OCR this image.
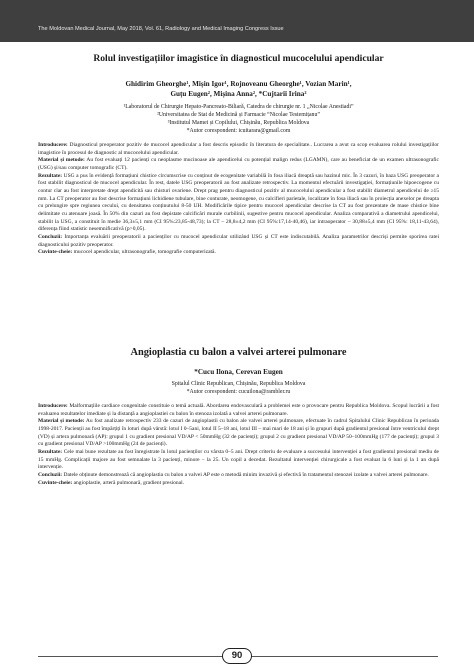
The Moldovan Medical Journal, May 2018, Vol. 61, Radiology and Medical Imaging Congress Issue
Rolul investigațiilor imagistice în diagnosticul mucocelului apendicular
Ghidirim Gheorghe¹, Mișin Igor¹, Rojnoveanu Gheorghe¹, Vozian Marin¹,
Guțu Eugen², Mișina Anna², *Cujtarii Irina²
¹Laboratorul de Chirurgie Hepato-Pancreato-Biliară, Catedra de chirurgie nr. 1 „Nicolae Anestiadi”
²Universitatea de Stat de Medicină și Farmacie “Nicolae Testemițanu”
³Institutul Mamei și Copilului, Chișinău, Republica Moldova
*Autor corespondent: icuitarara@gmail.com

Introducere: Diagnosticul preoperator pozitiv de mucocel apendicular a fost descris episodic în literatura de specialitate.. Lucrarea a avut ca scop evaluarea rolului investigațiilor imagistice în procesul de diagnostic al mucocelului apendicular.

Material și metode: Au fost evaluați 12 pacienți cu neoplasme mucinoase ale apendicelui cu potențial malign redus (LGAMN), care au beneficiat de un examen ultrasonografic (USG) și/sau computer tomografic (CT).

Rezultate: USG a pus în evidență formațiuni chistice circumscrise cu conținut de ecogenitate variabilă în fosa iliacă dreaptă sau hazinul mic. În 3 cazuri, în baza USG preoperator a fost stabilit diagnosticul de mucocel apendicular. În rest, datele USG preoperatorii au fost analizate retrospectiv. La momentul efectuării investigației, formațiunile hipoecogene cu contur clar au fost interpretate drept apendicită sau chisturi ovariene. Drept prag pentru diagnosticul pozitiv al mucocelului apendicular a fost stabilit diametrul apendicelui de ≥15 mm. La CT preoperator au fost descrise formațiuni lichidiene tubulare, bine conturate, neomogene, cu calcifieri parietale, localizate în fosa iliacă sau în proiecția anexelor pe dreapta cu prelungire spre regiunea cecului, cu densitatea conținutului 8-50 UH. Modificările tipice pentru mucocel apendicular descrise la CT au fost prezentate de mase chistice bine delimitate cu atenuare joasă. În 50% din cazuri au fost depistate calcificări murale curbilinii, sugestive pentru mucocel apendicular. Analiza comparativă a diametrului apendicelui, stabilit la USG, a constituit în medie 36,3±5,1 mm (CI 95%:23,85-48,73); la CT – 28,8±4,2 mm (CI 95%:17,14-40,46), iar intraoperator – 30,88±5,4 mm (CI 95%: 18,11-43,64), diferența fiind statistic nesemnificativă (p>0,05).

Concluzii: Importanța evaluării preoperatorii a pacienților cu mucocel apendicular utilizând USG și CT este indiscutabilă. Analiza parametrilor descriși permite sporirea ratei diagnosticului pozitiv preoperator.

Cuvinte-cheie: mucocel apendicular, ultrasonografie, tomografie computerizată.

Angioplastia cu balon a valvei arterei pulmonare
*Cucu Ilona, Cerevan Eugen
Spitalul Clinic Republican, Chișinău, Republica Moldova
*Autor corespondent: cucuilona@rambler.ru

Introducere: Malformațiile cardiace congenitale constituie o temă actuală. Abordarea endovasculară a problemei este o provocare pentru Republica Moldova. Scopul lucrării a fost evaluarea rezultatelor imediate și la distanță a angioplastiei cu balon în stenoza izolată a valvei arterei pulmonare.

Material și metode: Au fost analizate retrospectiv 233 de cazuri de angioplastii cu balon ale valvei arterei pulmonare, efectuate în cadrul Spitalului Clinic Republican în perioada 1998-2017. Pacienții au fost împărțiți în loturi după vârstă: lotul I 0–5ani, lotul II 5–18 ani, lotul III – mai mari de 18 ani și în grupuri după gradientul presional între ventriculul drept (VD) și artera pulmonară (AP): grupul 1 cu gradient presional VD/AP < 50mmHg (32 de pacienți); grupul 2 cu gradient presional VD/AP 50–100mmHg (177 de pacienți); grupul 3 cu gradient presional VD/AP >100mmHg (24 de pacienți).

Rezultate: Cele mai bune rezultate au fost înregistrate în lotul pacienților cu vârsta 0–5 ani. Drept criteriu de evaluare a succesului intervenției a fost gradientul presional mediu de 15 mmHg. Complicații majore au fost semnalate la 3 pacienți, minore – la 25. Un copil a decedat. Rezultatul intervenției chirurgicale a fost evaluat la 6 luni și la 1 an după intervenție.

Concluzii: Datele obținute demonstrează că angioplastia cu balon a valvei AP este o metodă minim invazivă și efectivă în tratamentul stenozei izolate a valvei arterei pulmonare.

Cuvinte-cheie: angioplastie, arteră pulmonară, gradient presional.

90
